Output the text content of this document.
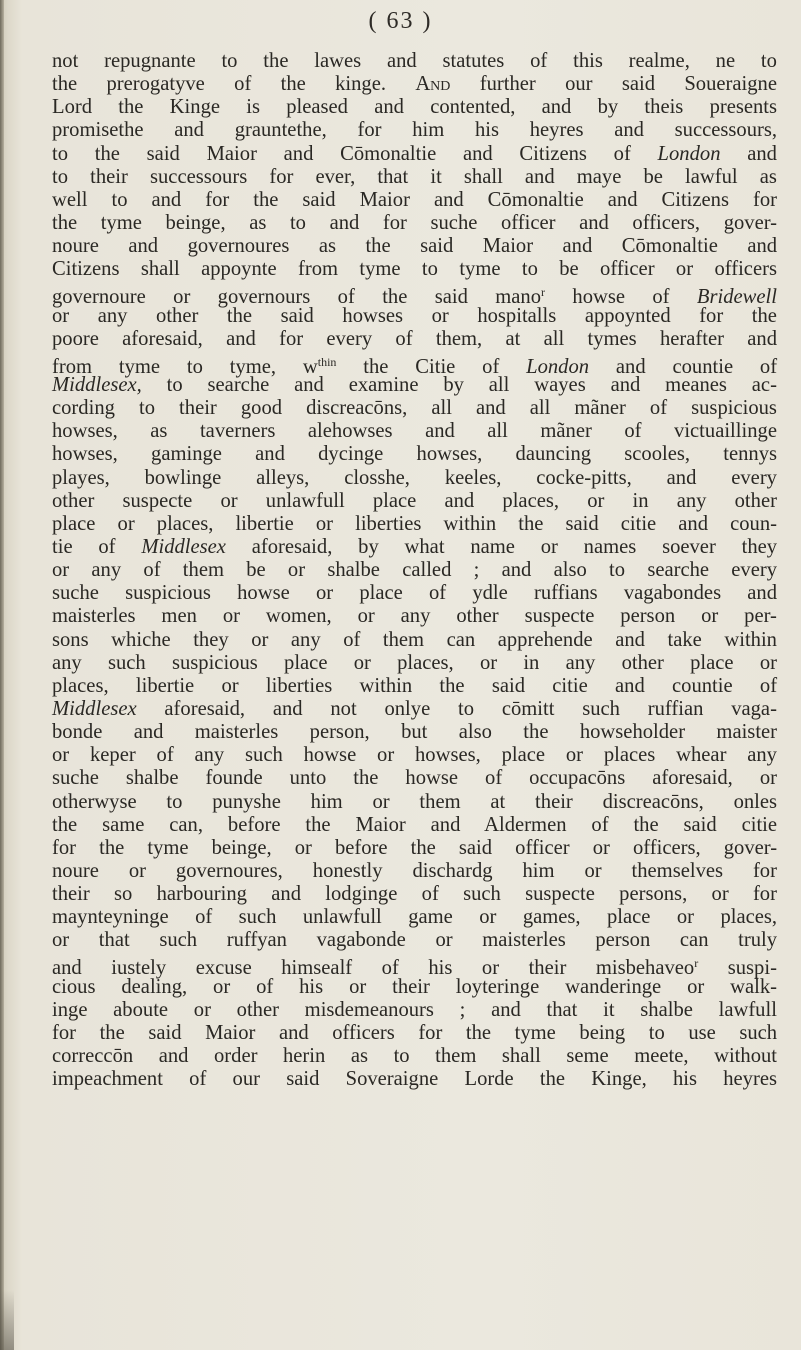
( 63 )
not repugnante to the lawes and statutes of this realme, ne to
the prerogatyve of the kinge. And further our said Soueraigne
Lord the Kinge is pleased and contented, and by theis presents
promisethe and grauntethe, for him his heyres and successours,
to the said Maior and Cōmonaltie and Citizens of London and
to their successours for ever, that it shall and maye be lawful as
well to and for the said Maior and Cōmonaltie and Citizens for
the tyme beinge, as to and for suche officer and officers, gover-
noure and governoures as the said Maior and Cōmonaltie and
Citizens shall appoynte from tyme to tyme to be officer or officers
governoure or governours of the said mano$^r$ howse of Bridewell
or any other the said howses or hospitalls appoynted for the
poore aforesaid, and for every of them, at all tymes herafter and
from tyme to tyme, $w^{thin}$ the Citie of London and countie of
Middlesex, to searche and examine by all wayes and meanes ac-
cording to their good discreacōns, all and all mãner of suspicious
howses, as taverners alehowses and all mãner of victuaillinge
howses, gaminge and dycinge howses, dauncing scooles, tennys
playes, bowlinge alleys, closshe, keeles, cocke-pitts, and every
other suspecte or unlawfull place and places, or in any other
place or places, libertie or liberties within the said citie and coun-
tie of Middlesex aforesaid, by what name or names soever they
or any of them be or shalbe called ; and also to searche every
suche suspicious howse or place of ydle ruffians vagabondes and
maisterles men or women, or any other suspecte person or per-
sons whiche they or any of them can apprehende and take within
any such suspicious place or places, or in any other place or
places, libertie or liberties within the said citie and countie of
Middlesex aforesaid, and not onlye to cōmitt such ruffian vaga-
bonde and maisterles person, but also the howseholder maister
or keper of any such howse or howses, place or places whear any
suche shalbe founde unto the howse of occupacōns aforesaid, or
otherwyse to punyshe him or them at their discreacōns, onles
the same can, before the Maior and Aldermen of the said citie
for the tyme beinge, or before the said officer or officers, gover-
noure or governoures, honestly dischardg him or themselves for
their so harbouring and lodginge of such suspecte persons, or for
maynteyninge of such unlawfull game or games, place or places,
or that such ruffyan vagabonde or maisterles person can truly
and iustely excuse himsealf of his or their misbehaveo$^r$ suspi-
cious dealing, or of his or their loyteringe wanderinge or walk-
inge aboute or other misdemeanours ; and that it shalbe lawfull
for the said Maior and officers for the tyme being to use such
correccōn and order herin as to them shall seme meete, without
impeachment of our said Soveraigne Lorde the Kinge, his heyres
